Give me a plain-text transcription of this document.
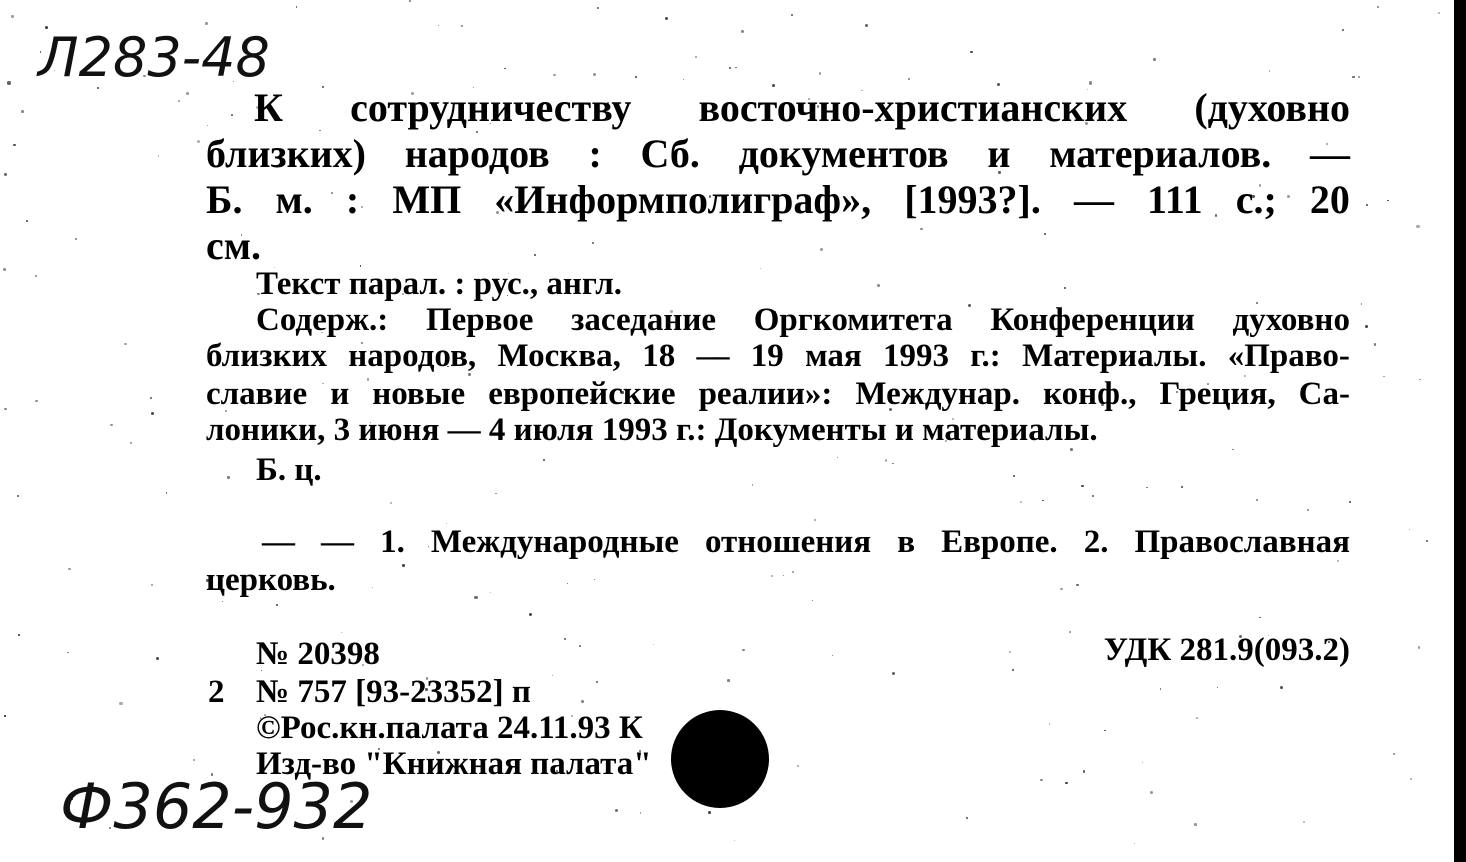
Л283-48
К сотрудничеству восточно-христианских (духовно
близких) народов : Сб. документов и материалов. —
Б. м. : МП «Информполиграф», [1993?]. — 111 с.; 20
см.
Текст парал. : рус., англ.
Содерж.: Первое заседание Оргкомитета Конференции духовно
близких народов, Москва, 18 — 19 мая 1993 г.: Материалы. «Право-
славие и новые европейские реалии»: Междунар. конф., Греция, Са-
лоники, 3 июня — 4 июля 1993 г.: Документы и материалы.
Б. ц.
— — 1. Международные отношения в Европе. 2. Православная
церковь.
№ 20398	УДК 281.9(093.2)
2 № 757 [93-23352] п
©Рос.кн.палата 24.11.93 К
Изд-во "Книжная палата"
Ф362-932
